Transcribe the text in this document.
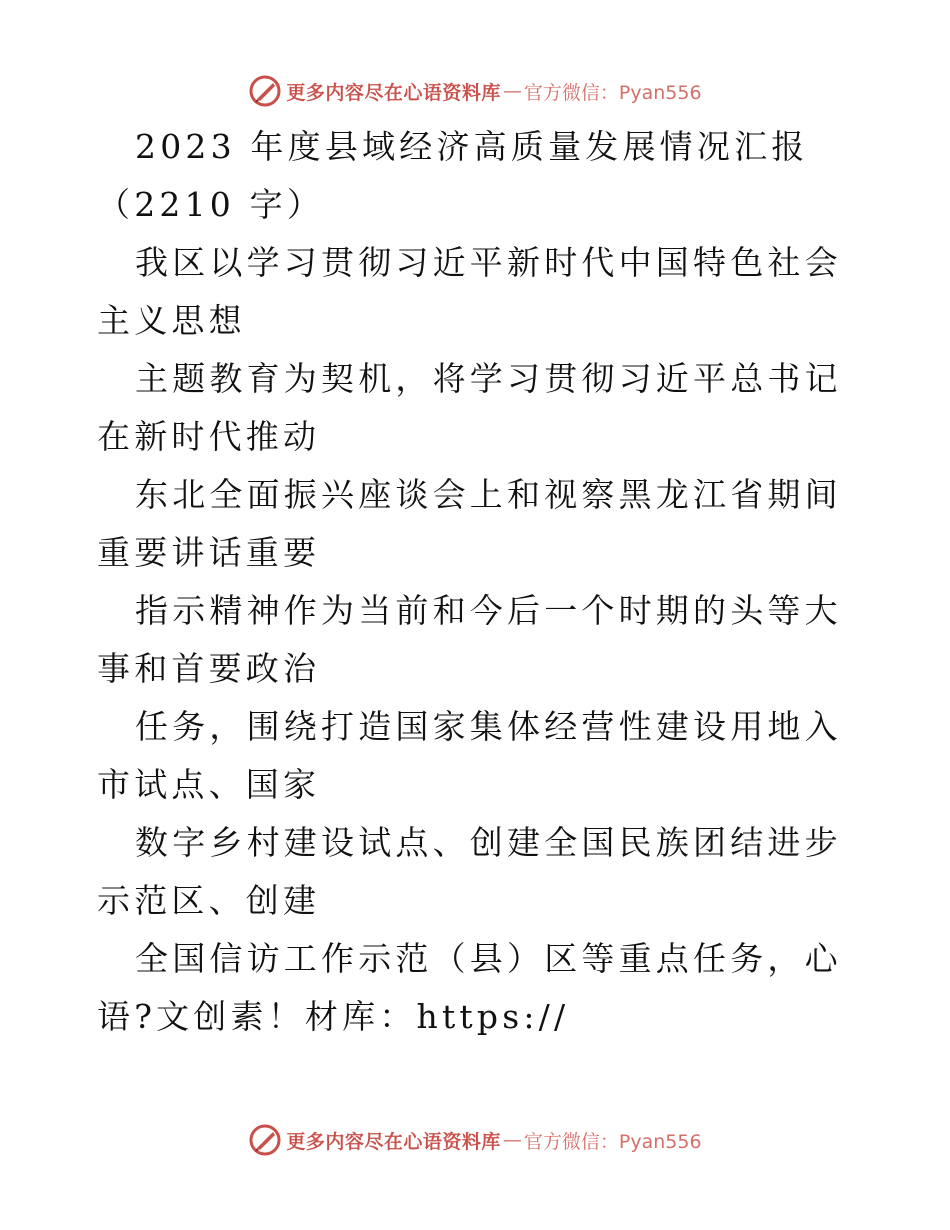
更多内容尽在心语资料库 — 官方微信：Pyan556

2023 年度县域经济高质量发展情况汇报（2210 字）

我区以学习贯彻习近平新时代中国特色社会主义思想

主题教育为契机，将学习贯彻习近平总书记在新时代推动

东北全面振兴座谈会上和视察黑龙江省期间重要讲话重要

指示精神作为当前和今后一个时期的头等大事和首要政治

任务，围绕打造国家集体经营性建设用地入市试点、国家

数字乡村建设试点、创建全国民族团结进步示范区、创建

全国信访工作示范（县）区等重点任务，心语?文创素！材库：https://

更多内容尽在心语资料库 — 官方微信：Pyan556
